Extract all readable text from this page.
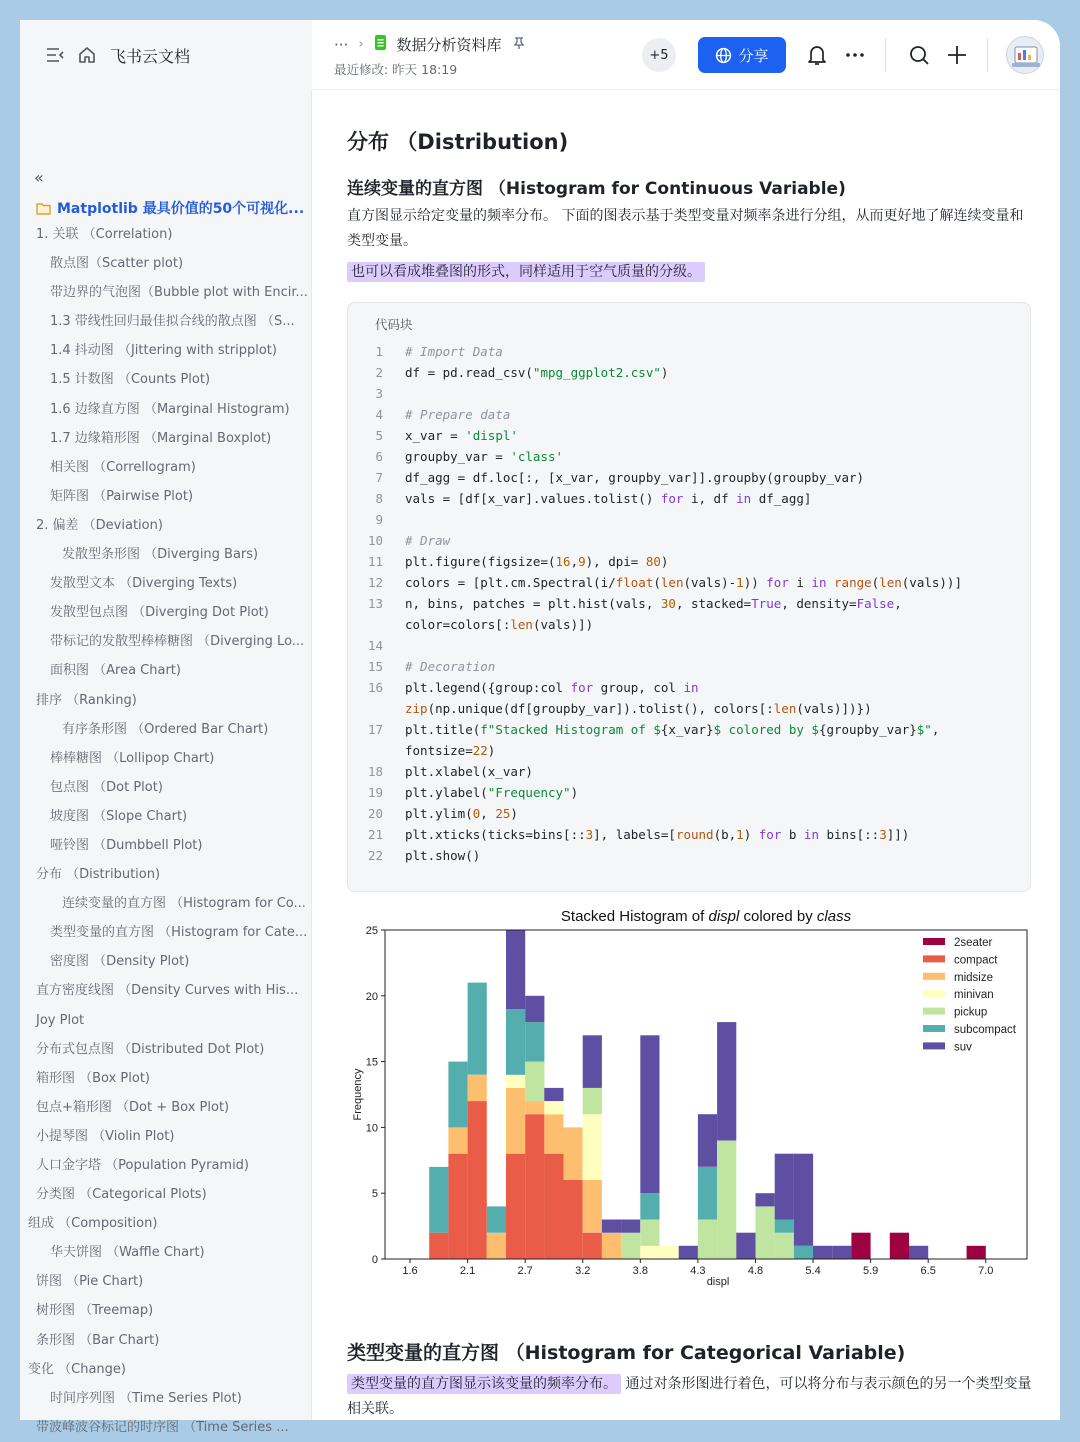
飞书云文档
··· › 数据分析资料库
最近修改: 昨天 18:19
+5	分享
«
Matplotlib 最具价值的50个可视化...
1. 关联 （Correlation)
散点图（Scatter plot)
带边界的气泡图（Bubble plot with Encir...
1.3 带线性回归最佳拟合线的散点图 （S...
1.4 抖动图 （Jittering with stripplot)
1.5 计数图 （Counts Plot)
1.6 边缘直方图 （Marginal Histogram)
1.7 边缘箱形图 （Marginal Boxplot)
相关图 （Correllogram)
矩阵图 （Pairwise Plot)
2. 偏差 （Deviation)
发散型条形图 （Diverging Bars)
发散型文本 （Diverging Texts)
发散型包点图 （Diverging Dot Plot)
带标记的发散型棒棒糖图 （Diverging Lo...
面积图 （Area Chart)
排序 （Ranking)
有序条形图 （Ordered Bar Chart)
棒棒糖图 （Lollipop Chart)
包点图 （Dot Plot)
坡度图 （Slope Chart)
哑铃图 （Dumbbell Plot)
分布 （Distribution)
连续变量的直方图 （Histogram for Co...
类型变量的直方图 （Histogram for Cate...
密度图 （Density Plot)
直方密度线图 （Density Curves with His...
Joy Plot
分布式包点图 （Distributed Dot Plot)
箱形图 （Box Plot)
包点+箱形图 （Dot + Box Plot)
小提琴图 （Violin Plot)
人口金字塔 （Population Pyramid)
分类图 （Categorical Plots)
组成 （Composition)
华夫饼图 （Waffle Chart)
饼图 （Pie Chart)
树形图 （Treemap)
条形图 （Bar Chart)
变化 （Change)
时间序列图 （Time Series Plot)
带波峰波谷标记的时序图 （Time Series ...
分布 （Distribution)
连续变量的直方图 （Histogram for Continuous Variable)
直方图显示给定变量的频率分布。 下面的图表示基于类型变量对频率条进行分组，从而更好地了解连续变量和类型变量。
也可以看成堆叠图的形式，同样适用于空气质量的分级。
代码块
1	# Import Data
2	df = pd.read_csv("mpg_ggplot2.csv")
3
4	# Prepare data
5	x_var = 'displ'
6	groupby_var = 'class'
7	df_agg = df.loc[:, [x_var, groupby_var]].groupby(groupby_var)
8	vals = [df[x_var].values.tolist() for i, df in df_agg]
9
10	# Draw
11	plt.figure(figsize=(16,9), dpi= 80)
12	colors = [plt.cm.Spectral(i/float(len(vals)-1)) for i in range(len(vals))]
13	n, bins, patches = plt.hist(vals, 30, stacked=True, density=False,
color=colors[:len(vals)])
14
15	# Decoration
16	plt.legend({group:col for group, col in
zip(np.unique(df[groupby_var]).tolist(), colors[:len(vals)])})
17	plt.title(f"Stacked Histogram of ${x_var}$ colored by ${groupby_var}$",
fontsize=22)
18	plt.xlabel(x_var)
19	plt.ylabel("Frequency")
20	plt.ylim(0, 25)
21	plt.xticks(ticks=bins[::3], labels=[round(b,1) for b in bins[::3]])
22	plt.show()
Stacked Histogram of displ colored by class
0
5
10
15
20
25
1.6	2.1	2.7	3.2	3.8	4.3	4.8	5.4	5.9	6.5	7.0
displ
Frequency
2seater
compact
midsize
minivan
pickup
subcompact
suv
类型变量的直方图 （Histogram for Categorical Variable)
类型变量的直方图显示该变量的频率分布。 通过对条形图进行着色，可以将分布与表示颜色的另一个类型变量相关联。
